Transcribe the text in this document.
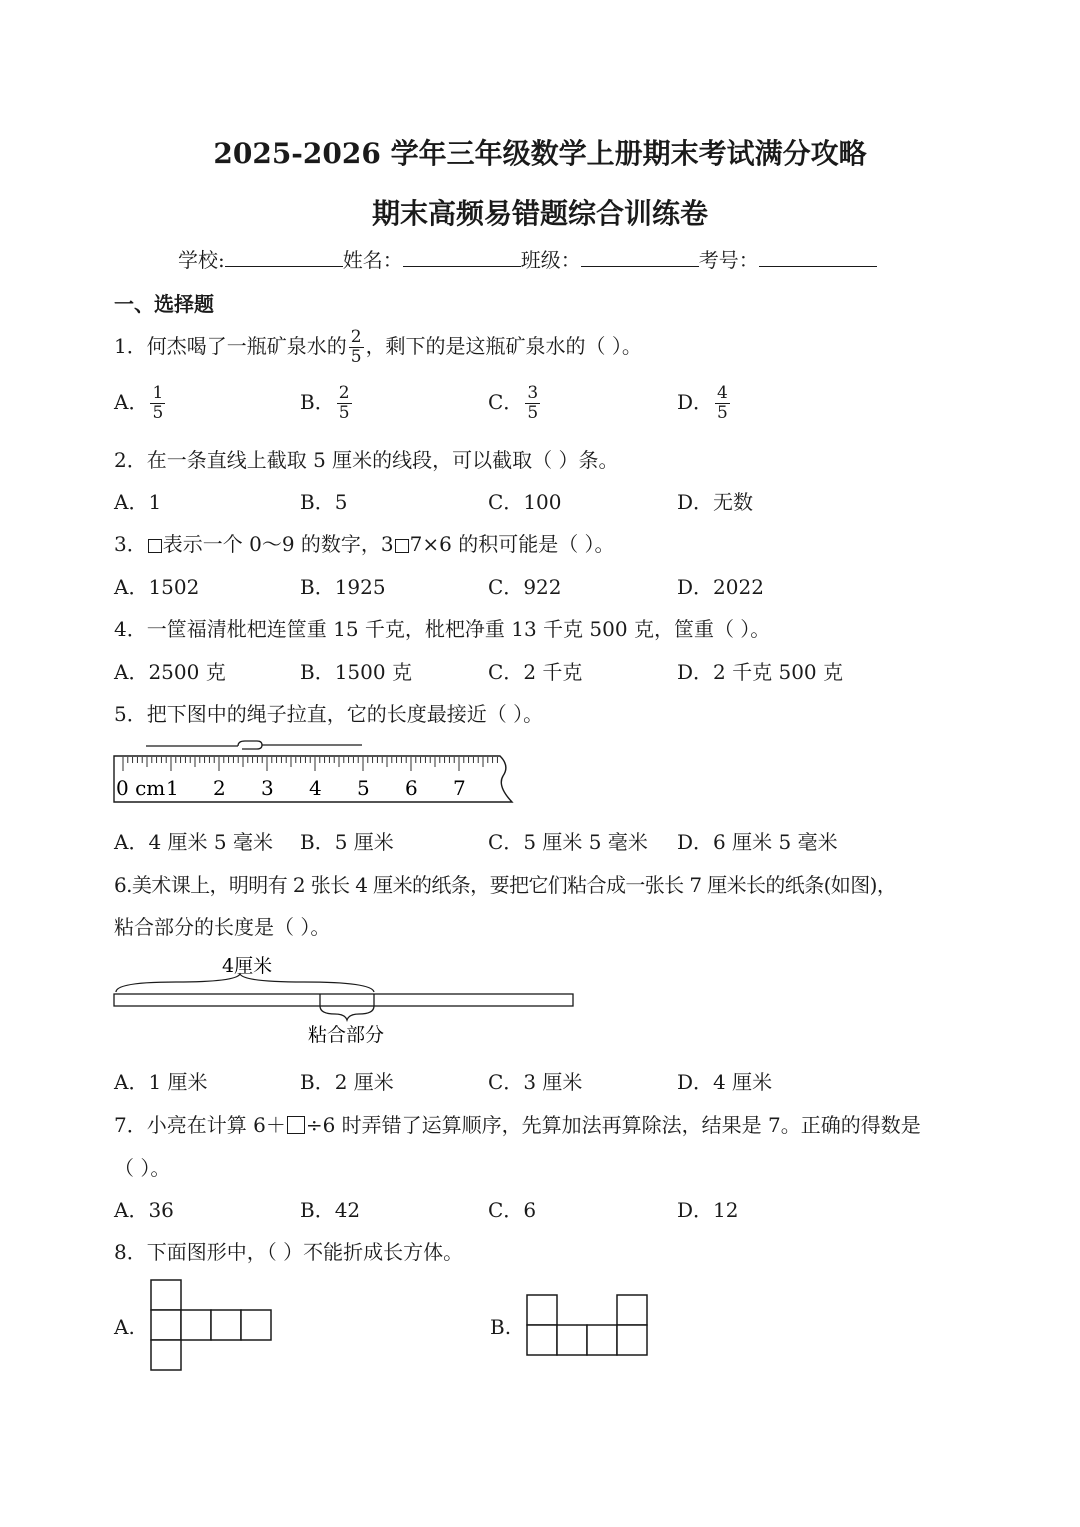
2025-2026 学年三年级数学上册期末考试满分攻略
期末高频易错题综合训练卷
学校:	姓名：	班级：	考号：
一、选择题
1．何杰喝了一瓶矿泉水的 $\frac{2}{5}$ ，剩下的是这瓶矿泉水的（ ）。
A． $\frac{1}{5}$	B． $\frac{2}{5}$	C． $\frac{3}{5}$	D． $\frac{4}{5}$
2．在一条直线上截取 5 厘米的线段，可以截取（ ）条。
A．1	B．5	C．100	D．无数
3． 表示一个 0～9 的数字，3 7×6 的积可能是（ ）。
A．1502	B．1925	C．922	D．2022
4．一筐福清枇杷连筐重 15 千克，枇杷净重 13 千克 500 克，筐重（ ）。
A．2500 克	B．1500 克	C．2 千克	D．2 千克 500 克
5．把下图中的绳子拉直，它的长度最接近（ ）。
0 cm 1 2 3 4 5 6 7
A．4 厘米 5 毫米 B．5 厘米	C．5 厘米 5 毫米 D．6 厘米 5 毫米
6.美术课上，明明有 2 张长 4 厘米的纸条，要把它们粘合成一张长 7 厘米长的纸条(如图)，
粘合部分的长度是（ ）。
4厘米
粘合部分
A．1 厘米	B．2 厘米	C．3 厘米	D．4 厘米
7．小亮在计算 6＋ ÷6 时弄错了运算顺序，先算加法再算除法，结果是 7。正确的得数是
（ ）。
A．36	B．42	C．6	D．12
8．下面图形中，（ ）不能折成长方体。
A.	B.
